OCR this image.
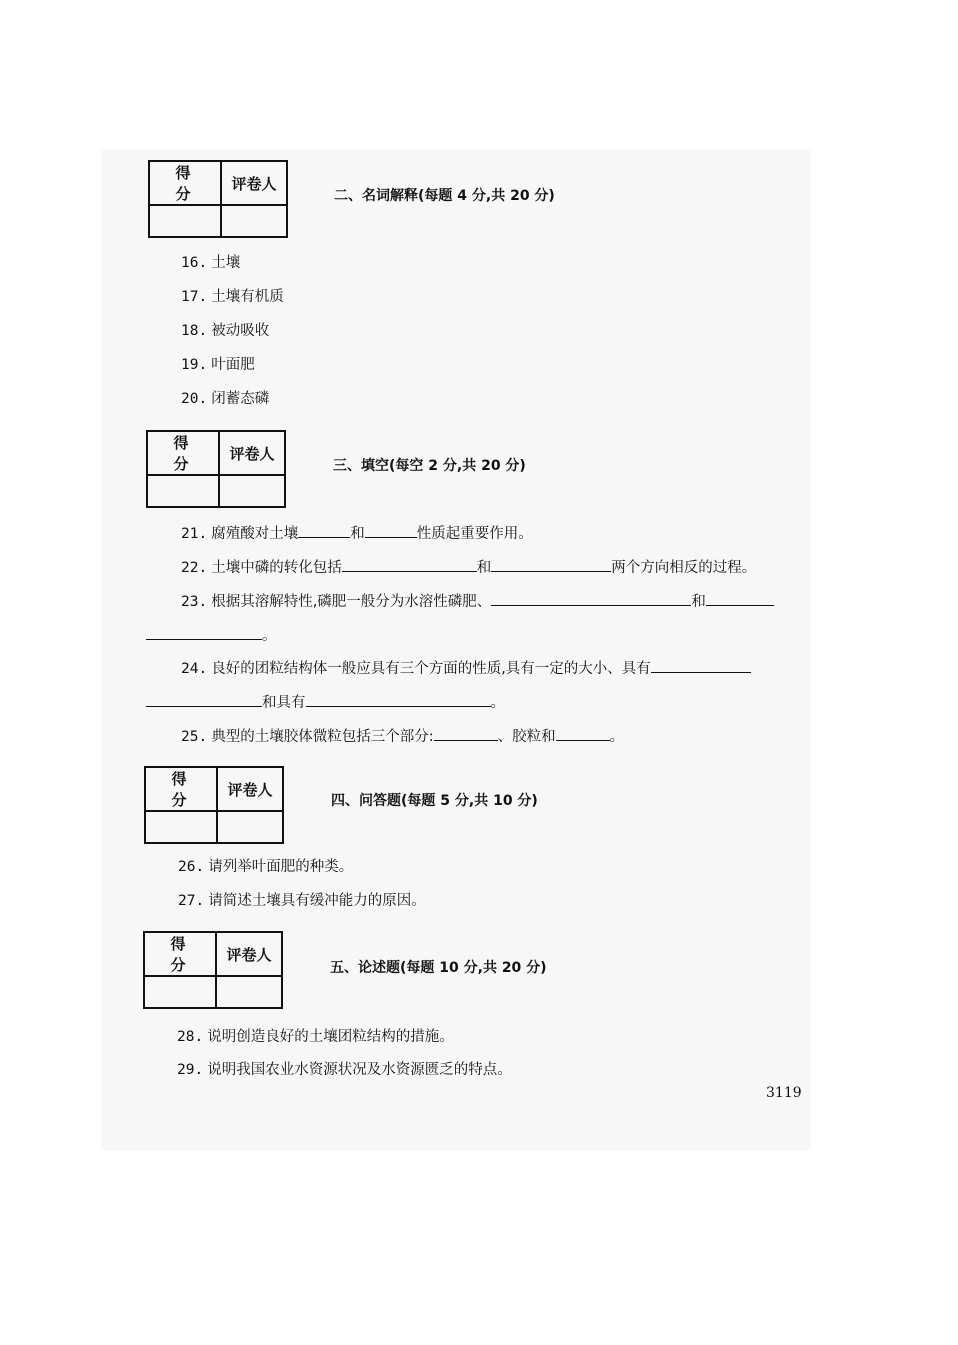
得 分	评卷人

二、名词解释(每题 4 分,共 20 分)
16. 土壤
17. 土壤有机质
18. 被动吸收
19. 叶面肥
20. 闭蓄态磷
得 分	评卷人

三、填空(每空 2 分,共 20 分)
21. 腐殖酸对土壤	和	性质起重要作用。
22. 土壤中磷的转化包括	和	两个方向相反的过程。
23. 根据其溶解特性,磷肥一般分为水溶性磷肥、	和
。
24. 良好的团粒结构体一般应具有三个方面的性质,具有一定的大小、具有
和具有	。
25. 典型的土壤胶体微粒包括三个部分:	、胶粒和	。
得 分	评卷人

四、问答题(每题 5 分,共 10 分)
26. 请列举叶面肥的种类。
27. 请简述土壤具有缓冲能力的原因。
得 分	评卷人

五、论述题(每题 10 分,共 20 分)
28. 说明创造良好的土壤团粒结构的措施。
29. 说明我国农业水资源状况及水资源匮乏的特点。
3119
